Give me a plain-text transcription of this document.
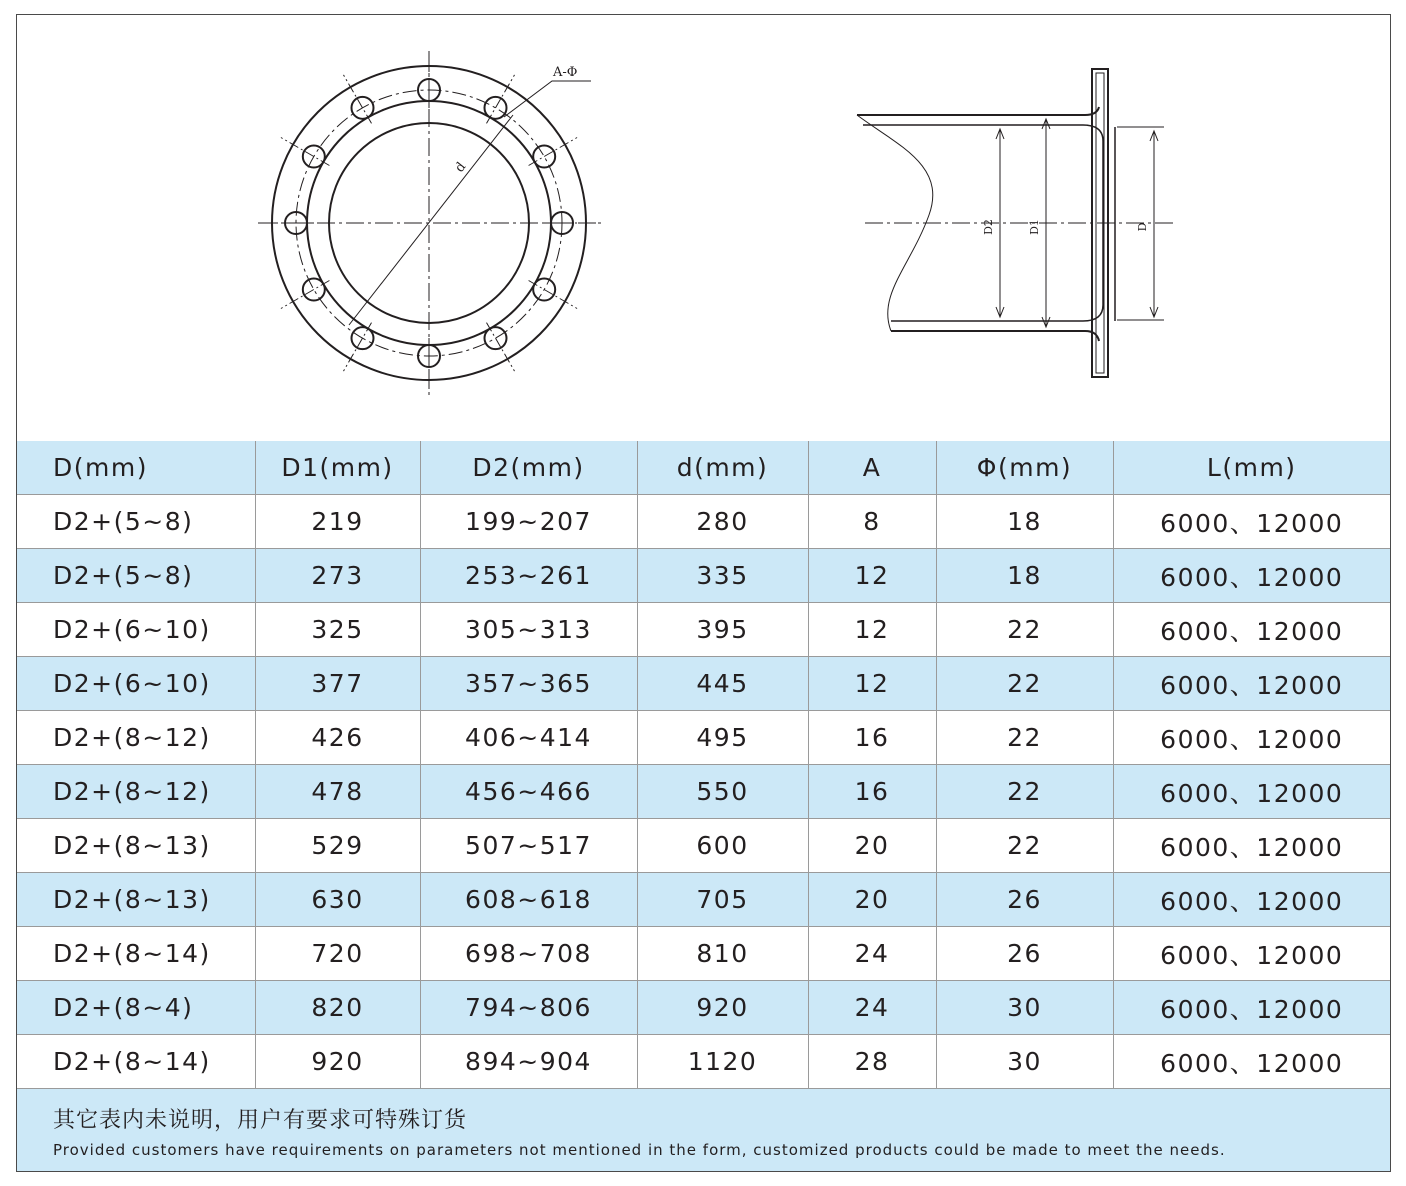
A-Φ
d
D2	D1	D
D(mm)	D1(mm)	D2(mm)	d(mm)	A	Φ(mm)	L(mm)
D2+(5~8)	219	199~207	280	8	18	6000、12000
D2+(5~8)	273	253~261	335	12	18	6000、12000
D2+(6~10)	325	305~313	395	12	22	6000、12000
D2+(6~10)	377	357~365	445	12	22	6000、12000
D2+(8~12)	426	406~414	495	16	22	6000、12000
D2+(8~12)	478	456~466	550	16	22	6000、12000
D2+(8~13)	529	507~517	600	20	22	6000、12000
D2+(8~13)	630	608~618	705	20	26	6000、12000
D2+(8~14)	720	698~708	810	24	26	6000、12000
D2+(8~4)	820	794~806	920	24	30	6000、12000
D2+(8~14)	920	894~904	1120	28	30	6000、12000
其它表内未说明，用户有要求可特殊订货
Provided customers have requirements on parameters not mentioned in the form, customized products could be made to meet the needs.
